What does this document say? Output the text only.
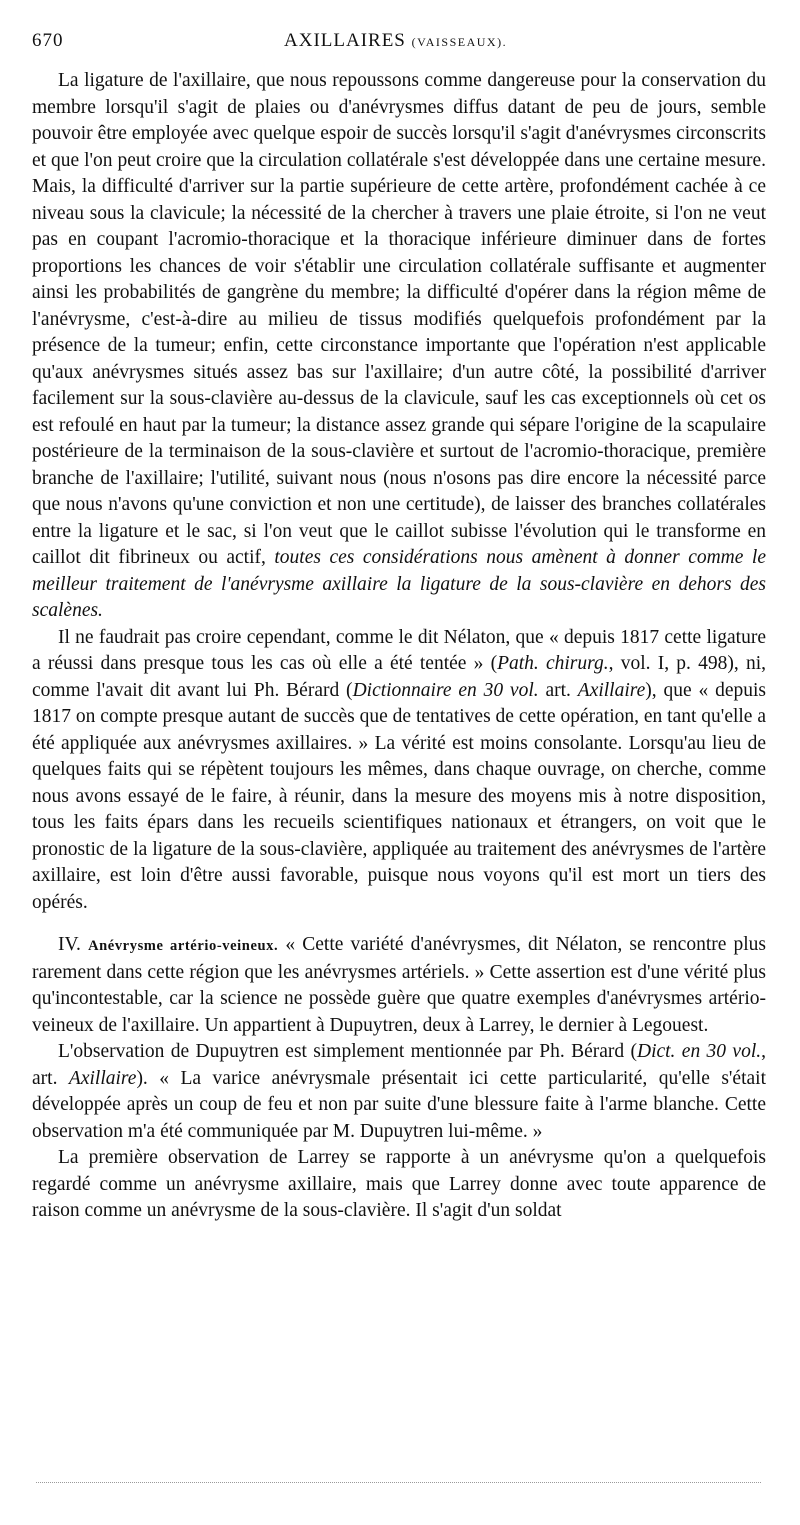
670	AXILLAIRES (VAISSEAUX).

La ligature de l'axillaire, que nous repoussons comme dangereuse pour la conservation du membre lorsqu'il s'agit de plaies ou d'anévrysmes diffus datant de peu de jours, semble pouvoir être employée avec quelque espoir de succès lorsqu'il s'agit d'anévrysmes circonscrits et que l'on peut croire que la circulation collatérale s'est développée dans une certaine mesure. Mais, la difficulté d'arriver sur la partie supérieure de cette artère, profondément cachée à ce niveau sous la clavicule; la nécessité de la chercher à travers une plaie étroite, si l'on ne veut pas en coupant l'acromio-thoracique et la thoracique inférieure diminuer dans de fortes proportions les chances de voir s'établir une circulation collatérale suffisante et augmenter ainsi les probabilités de gangrène du membre; la difficulté d'opérer dans la région même de l'anévrysme, c'est-à-dire au milieu de tissus modifiés quelquefois profondément par la présence de la tumeur; enfin, cette circonstance importante que l'opération n'est applicable qu'aux anévrysmes situés assez bas sur l'axillaire; d'un autre côté, la possibilité d'arriver facilement sur la sous-clavière au-dessus de la clavicule, sauf les cas exceptionnels où cet os est refoulé en haut par la tumeur; la distance assez grande qui sépare l'origine de la scapulaire postérieure de la terminaison de la sous-clavière et surtout de l'acromio-thoracique, première branche de l'axillaire; l'utilité, suivant nous (nous n'osons pas dire encore la nécessité parce que nous n'avons qu'une conviction et non une certitude), de laisser des branches collatérales entre la ligature et le sac, si l'on veut que le caillot subisse l'évolution qui le transforme en caillot dit fibrineux ou actif, toutes ces considérations nous amènent à donner comme le meilleur traitement de l'anévrysme axillaire la ligature de la sous-clavière en dehors des scalènes.

Il ne faudrait pas croire cependant, comme le dit Nélaton, que « depuis 1817 cette ligature a réussi dans presque tous les cas où elle a été tentée » (Path. chirurg., vol. I, p. 498), ni, comme l'avait dit avant lui Ph. Bérard (Dictionnaire en 30 vol. art. Axillaire), que « depuis 1817 on compte presque autant de succès que de tentatives de cette opération, en tant qu'elle a été appliquée aux anévrysmes axillaires. » La vérité est moins consolante. Lorsqu'au lieu de quelques faits qui se répètent toujours les mêmes, dans chaque ouvrage, on cherche, comme nous avons essayé de le faire, à réunir, dans la mesure des moyens mis à notre disposition, tous les faits épars dans les recueils scientifiques nationaux et étrangers, on voit que le pronostic de la ligature de la sous-clavière, appliquée au traitement des anévrysmes de l'artère axillaire, est loin d'être aussi favorable, puisque nous voyons qu'il est mort un tiers des opérés.

IV. Anévrysme artério-veineux. « Cette variété d'anévrysmes, dit Nélaton, se rencontre plus rarement dans cette région que les anévrysmes artériels. » Cette assertion est d'une vérité plus qu'incontestable, car la science ne possède guère que quatre exemples d'anévrysmes artério-veineux de l'axillaire. Un appartient à Dupuytren, deux à Larrey, le dernier à Legouest.

L'observation de Dupuytren est simplement mentionnée par Ph. Bérard (Dict. en 30 vol., art. Axillaire). « La varice anévrysmale présentait ici cette particularité, qu'elle s'était développée après un coup de feu et non par suite d'une blessure faite à l'arme blanche. Cette observation m'a été communiquée par M. Dupuytren lui-même. »

La première observation de Larrey se rapporte à un anévrysme qu'on a quelquefois regardé comme un anévrysme axillaire, mais que Larrey donne avec toute apparence de raison comme un anévrysme de la sous-clavière. Il s'agit d'un soldat
